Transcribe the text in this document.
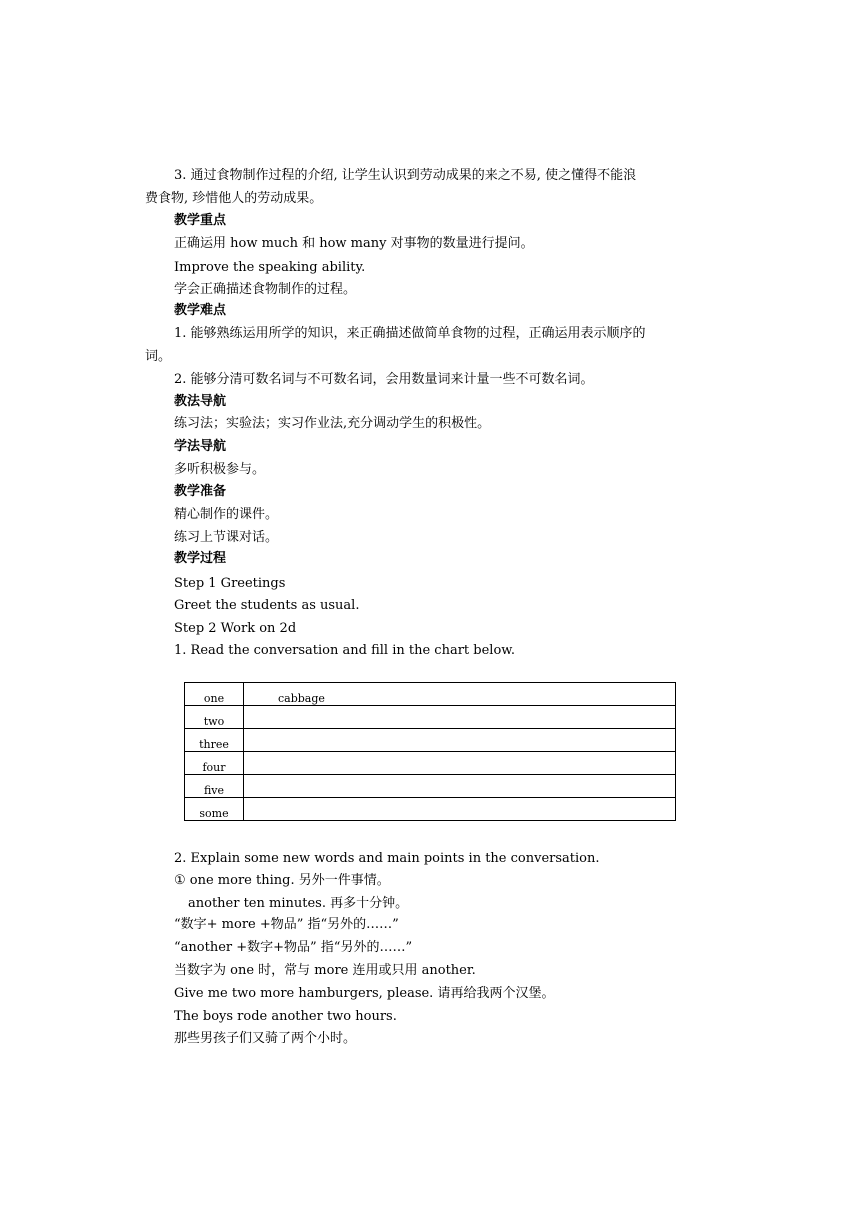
3. 通过食物制作过程的介绍, 让学生认识到劳动成果的来之不易, 使之懂得不能浪
费食物, 珍惜他人的劳动成果。
教学重点
正确运用 how much 和 how many 对事物的数量进行提问。
Improve the speaking ability.
学会正确描述食物制作的过程。
教学难点
1. 能够熟练运用所学的知识，来正确描述做简单食物的过程，正确运用表示顺序的
词。
2. 能够分清可数名词与不可数名词，会用数量词来计量一些不可数名词。
教法导航
练习法；实验法；实习作业法,充分调动学生的积极性。
学法导航
多听积极参与。
教学准备
精心制作的课件。
练习上节课对话。
教学过程
Step 1 Greetings
Greet the students as usual.
Step 2 Work on 2d
1. Read the conversation and fill in the chart below.
one	cabbage
two	
three	
four	
five	
some	
2. Explain some new words and main points in the conversation.
① one more thing. 另外一件事情。
another ten minutes. 再多十分钟。
“数字+ more +物品” 指“另外的……”
“another +数字+物品” 指“另外的……”
当数字为 one 时，常与 more 连用或只用 another.
Give me two more hamburgers, please. 请再给我两个汉堡。
The boys rode another two hours.
那些男孩子们又骑了两个小时。
